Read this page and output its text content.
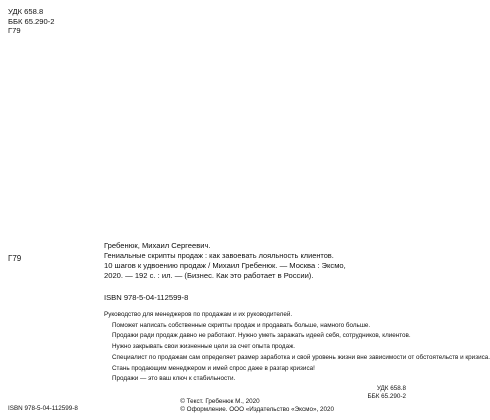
УДК 658.8
ББК 65.290-2
Г79
Г79
Гребенюк, Михаил Сергеевич.
Гениальные скрипты продаж : как завоевать лояльность клиентов.
10 шагов к удвоению продаж / Михаил Гребенюк. — Москва : Эксмо,
2020. — 192 с. : ил. — (Бизнес. Как это работает в России).
ISBN 978-5-04-112599-8

Руководство для менеджеров по продажам и их руководителей.

Поможет написать собственные скрипты продаж и продавать больше, намного больше.

Продажи ради продаж давно не работают. Нужно уметь заражать идеей себя, сотрудников, клиентов.

Нужно закрывать свои жизненные цели за счет опыта продаж.

Специалист по продажам сам определяет размер заработка и свой уровень жизни вне зависимости от обстоятельств и кризиса.

Стань продающим менеджером и имей спрос даже в разгар кризиса!

Продажи — это ваш ключ к стабильности.

УДК 658.8
ББК 65.290-2
ISBN 978-5-04-112599-8
© Текст. Гребенюк М., 2020
© Оформление. ООО «Издательство «Эксмо», 2020
